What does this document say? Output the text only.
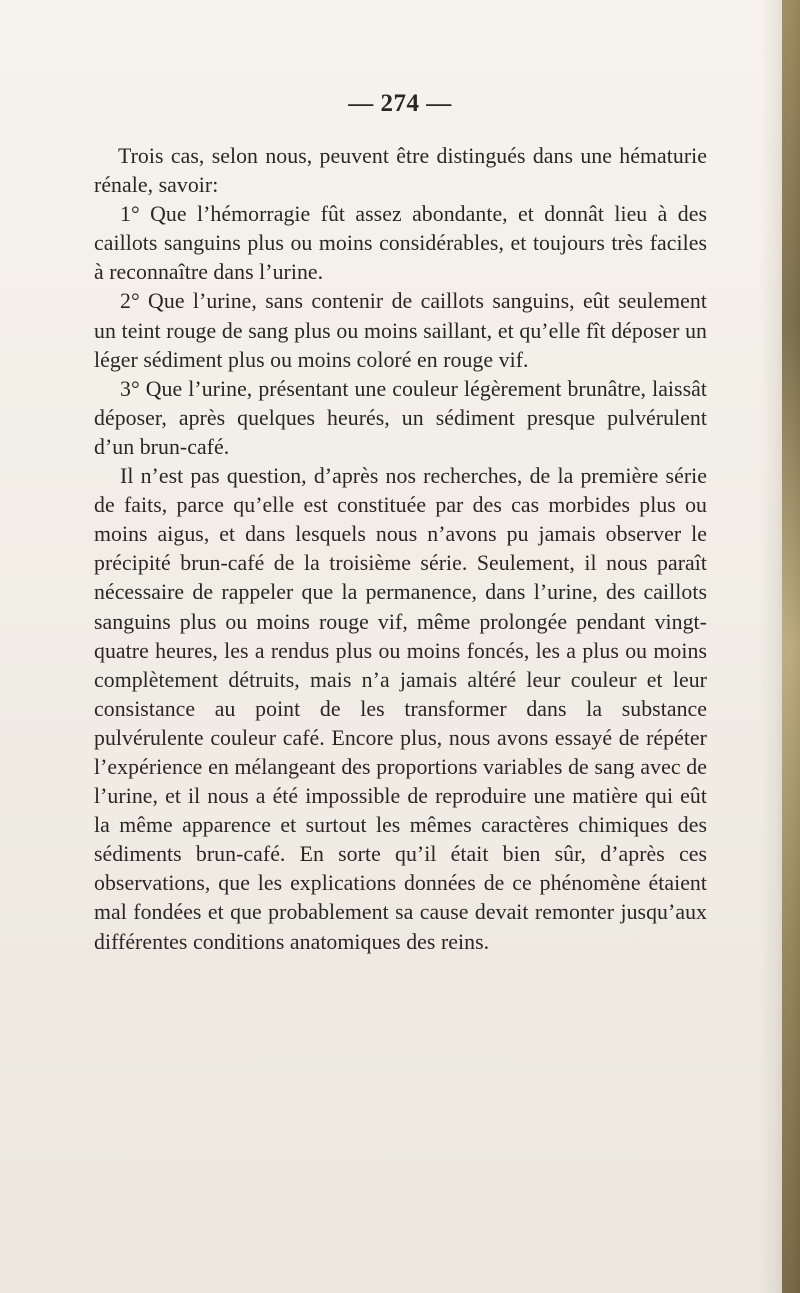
— 274 —

Trois cas, selon nous, peuvent être distingués dans une hématurie rénale, savoir:

1° Que l’hémorragie fût assez abondante, et donnât lieu à des caillots sanguins plus ou moins considérables, et toujours très faciles à reconnaître dans l’urine.

2° Que l’urine, sans contenir de caillots sanguins, eût seulement un teint rouge de sang plus ou moins saillant, et qu’elle fît déposer un léger sédiment plus ou moins coloré en rouge vif.

3° Que l’urine, présentant une couleur légèrement brunâtre, laissât déposer, après quelques heurés, un sédiment presque pulvérulent d’un brun-café.

Il n’est pas question, d’après nos recherches, de la première série de faits, parce qu’elle est constituée par des cas morbides plus ou moins aigus, et dans lesquels nous n’avons pu jamais observer le précipité brun-café de la troisième série. Seulement, il nous paraît nécessaire de rappeler que la permanence, dans l’urine, des caillots sanguins plus ou moins rouge vif, même prolongée pendant vingt-quatre heures, les a rendus plus ou moins foncés, les a plus ou moins complètement détruits, mais n’a jamais altéré leur couleur et leur consistance au point de les transformer dans la substance pulvérulente couleur café. Encore plus, nous avons essayé de répéter l’expérience en mélangeant des proportions variables de sang avec de l’urine, et il nous a été impossible de reproduire une matière qui eût la même apparence et surtout les mêmes caractères chimiques des sédiments brun-café. En sorte qu’il était bien sûr, d’après ces observations, que les explications données de ce phénomène étaient mal fondées et que probablement sa cause devait remonter jusqu’aux différentes conditions anatomiques des reins.
